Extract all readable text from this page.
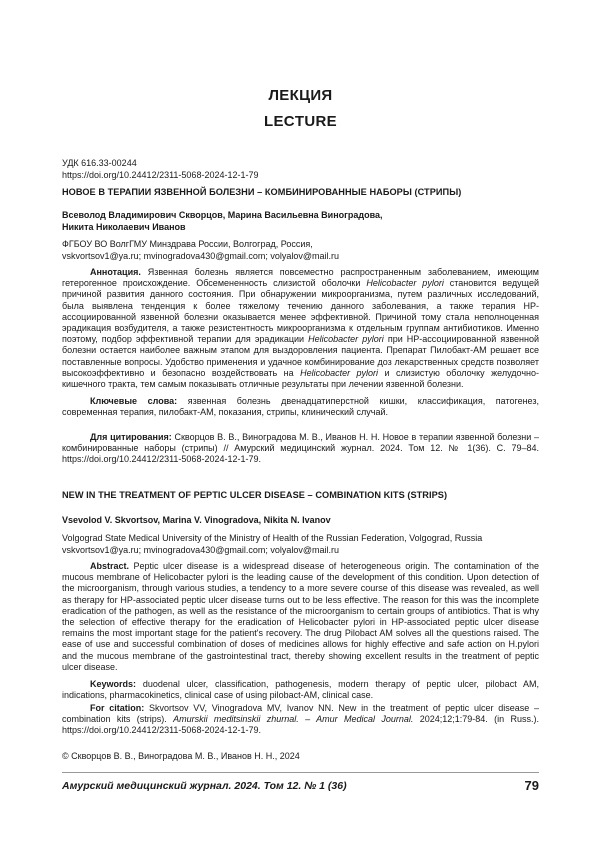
ЛЕКЦИЯ
LECTURE
УДК 616.33-00244
https://doi.org/10.24412/2311-5068-2024-12-1-79
НОВОЕ В ТЕРАПИИ ЯЗВЕННОЙ БОЛЕЗНИ – КОМБИНИРОВАННЫЕ НАБОРЫ (СТРИПЫ)
Всеволод Владимирович Скворцов, Марина Васильевна Виноградова,
Никита Николаевич Иванов
ФГБОУ ВО ВолгГМУ Минздрава России, Волгоград, Россия,
vskvortsov1@ya.ru; mvinogradova430@gmail.com; volyalov@mail.ru
Аннотация. Язвенная болезнь является повсеместно распространенным заболеванием, имеющим гетерогенное происхождение. Обсемененность слизистой оболочки Helicobacter pylori становится ведущей причиной развития данного состояния. При обнаружении микроорганизма, путем различных исследований, была выявлена тенденция к более тяжелому течению данного заболевания, а также терапия HP-ассоциированной язвенной болезни оказывается менее эффективной. Причиной тому стала неполноценная эрадикация возбудителя, а также резистентность микроорганизма к отдельным группам антибиотиков. Именно поэтому, подбор эффективной терапии для эрадикации Helicobacter pylori при HP-ассоциированной язвенной болезни остается наиболее важным этапом для выздоровления пациента. Препарат Пилобакт-АМ решает все поставленные вопросы. Удобство применения и удачное комбинирование доз лекарственных средств позволяет высокоэффективно и безопасно воздействовать на Helicobacter pylori и слизистую оболочку желудочно-кишечного тракта, тем самым показывать отличные результаты при лечении язвенной болезни.
Ключевые слова: язвенная болезнь двенадцатиперстной кишки, классификация, патогенез, современная терапия, пилобакт-АМ, показания, стрипы, клинический случай.
Для цитирования: Скворцов В. В., Виноградова М. В., Иванов Н. Н. Новое в терапии язвенной болезни – комбинированные наборы (стрипы) // Амурский медицинский журнал. 2024. Том 12. № 1(36). С. 79–84. https://doi.org/10.24412/2311-5068-2024-12-1-79.
NEW IN THE TREATMENT OF PEPTIC ULCER DISEASE – COMBINATION KITS (STRIPS)
Vsevolod V. Skvortsov, Marina V. Vinogradova, Nikita N. Ivanov
Volgograd State Medical University of the Ministry of Health of the Russian Federation, Volgograd, Russia
vskvortsov1@ya.ru; mvinogradova430@gmail.com; volyalov@mail.ru
Abstract. Peptic ulcer disease is a widespread disease of heterogeneous origin. The contamination of the mucous membrane of Helicobacter pylori is the leading cause of the development of this condition. Upon detection of the microorganism, through various studies, a tendency to a more severe course of this disease was revealed, as well as therapy for HP-associated peptic ulcer disease turns out to be less effective. The reason for this was the incomplete eradication of the pathogen, as well as the resistance of the microorganism to certain groups of antibiotics. That is why the selection of effective therapy for the eradication of Helicobacter pylori in HP-associated peptic ulcer disease remains the most important stage for the patient's recovery. The drug Pilobact AM solves all the questions raised. The ease of use and successful combination of doses of medicines allows for highly effective and safe action on H.pylori and the mucous membrane of the gastrointestinal tract, thereby showing excellent results in the treatment of peptic ulcer disease.
Keywords: duodenal ulcer, classification, pathogenesis, modern therapy of peptic ulcer, pilobact AM, indications, pharmacokinetics, clinical case of using pilobact-AM, clinical case.
For citation: Skvortsov VV, Vinogradova MV, Ivanov NN. New in the treatment of peptic ulcer disease – combination kits (strips). Amurskii meditsinskii zhurnal. – Amur Medical Journal. 2024;12;1:79-84. (in Russ.). https://doi.org/10.24412/2311-5068-2024-12-1-79.
© Скворцов В. В., Виноградова М. В., Иванов Н. Н., 2024
Амурский медицинский журнал. 2024. Том 12. № 1 (36)	79
